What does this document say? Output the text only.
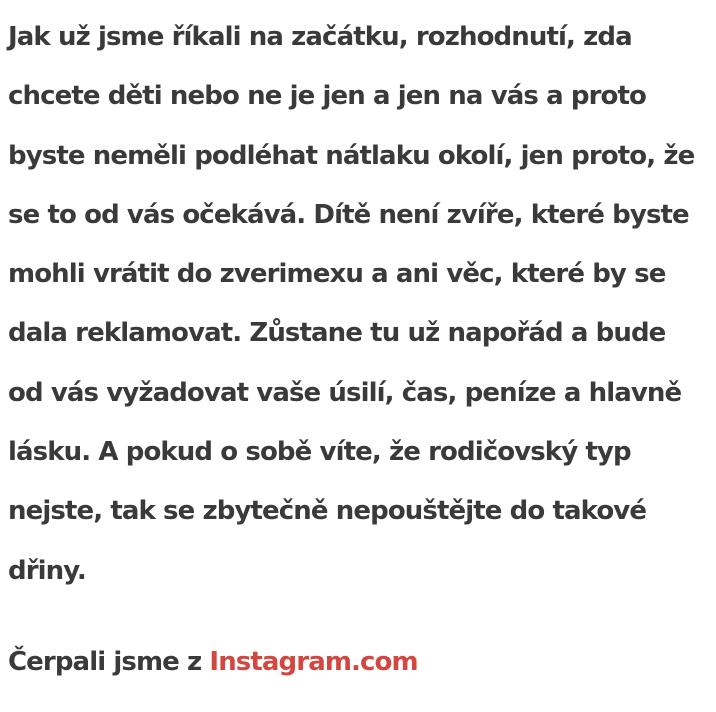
Jak už jsme říkali na začátku, rozhodnutí, zda chcete děti nebo ne je jen a jen na vás a proto byste neměli podléhat nátlaku okolí, jen proto, že se to od vás očekává. Dítě není zvíře, které byste mohli vrátit do zverimexu a ani věc, které by se dala reklamovat. Zůstane tu už napořád a bude od vás vyžadovat vaše úsilí, čas, peníze a hlavně lásku. A pokud o sobě víte, že rodičovský typ nejste, tak se zbytečně nepouštějte do takové dřiny.

Čerpali jsme z Instagram.com
